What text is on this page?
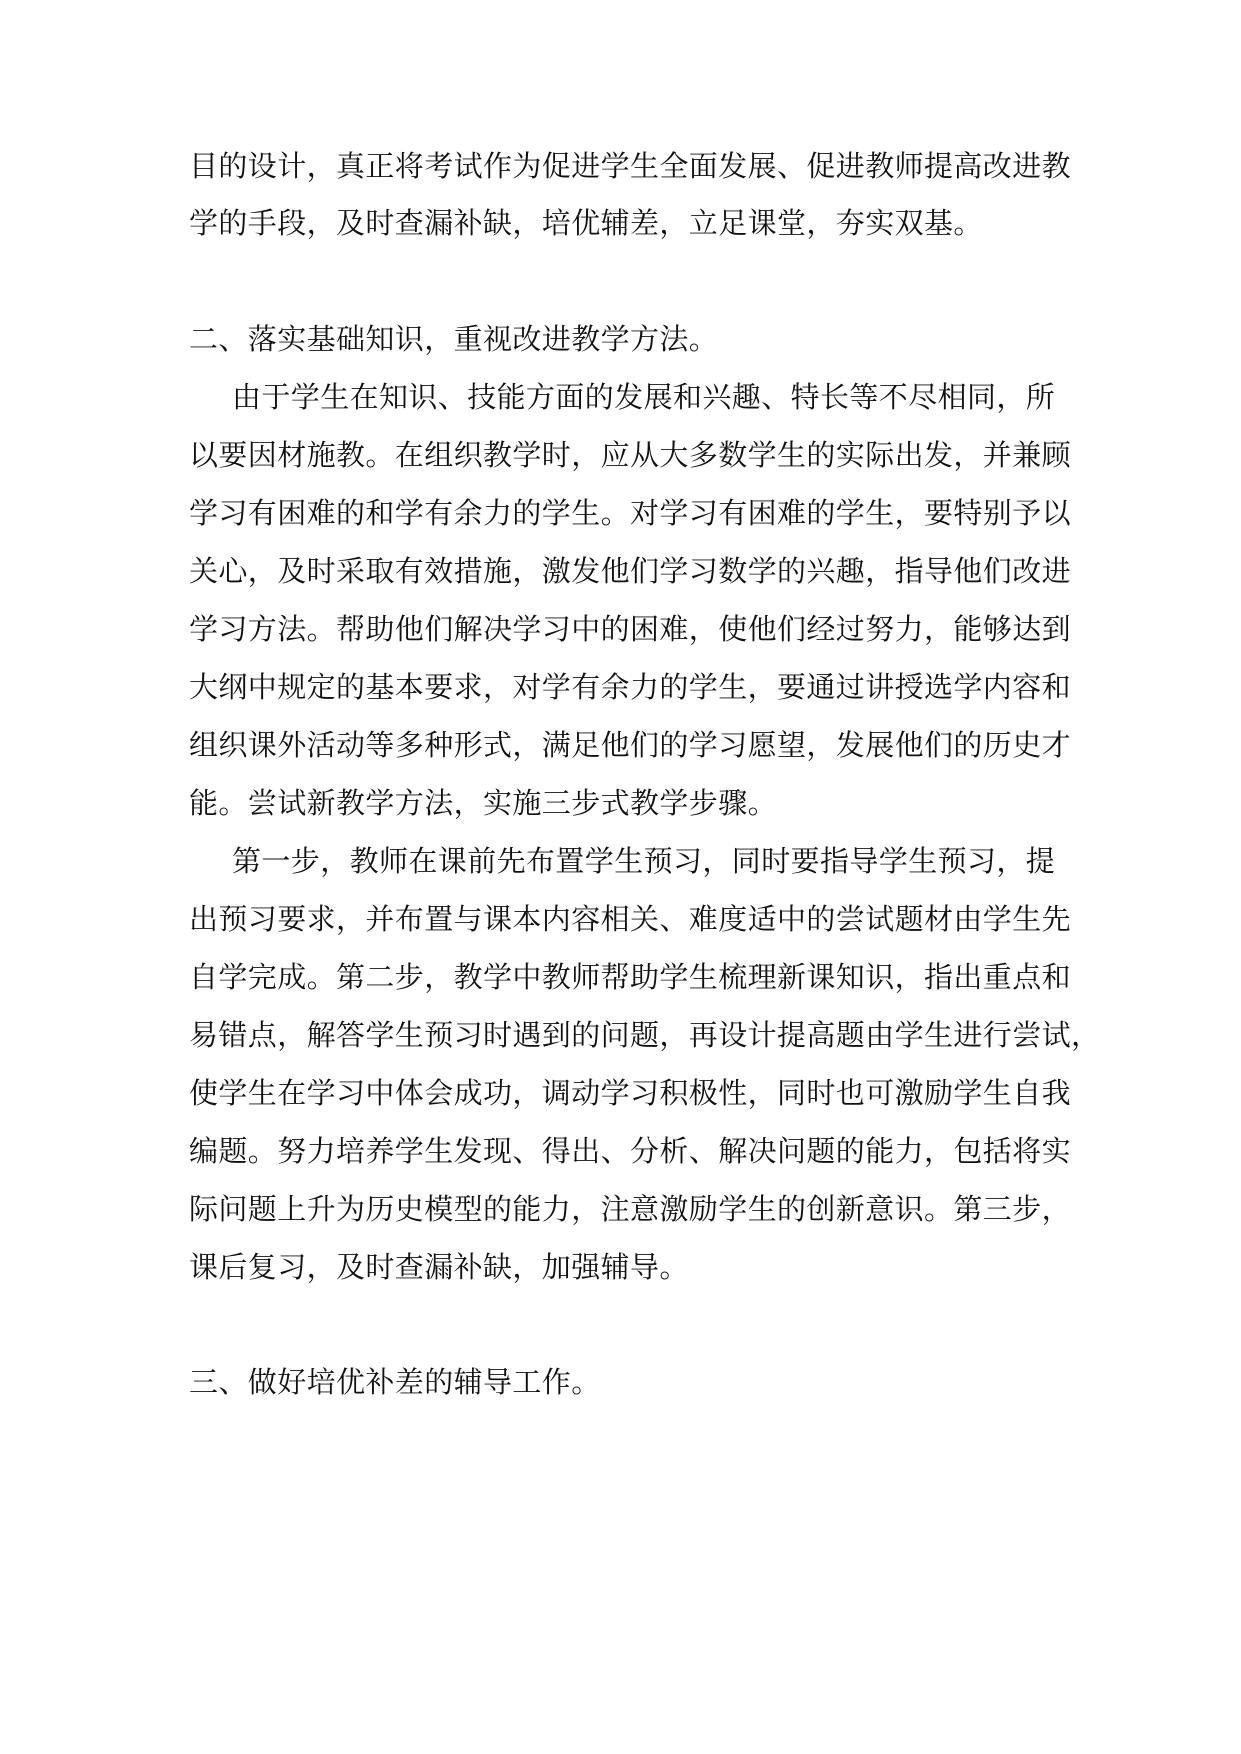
目的设计，真正将考试作为促进学生全面发展、促进教师提高改进教
学的手段，及时查漏补缺，培优辅差，立足课堂，夯实双基。
二、落实基础知识，重视改进教学方法。
由于学生在知识、技能方面的发展和兴趣、特长等不尽相同，所
以要因材施教。在组织教学时，应从大多数学生的实际出发，并兼顾
学习有困难的和学有余力的学生。对学习有困难的学生，要特别予以
关心，及时采取有效措施，激发他们学习数学的兴趣，指导他们改进
学习方法。帮助他们解决学习中的困难，使他们经过努力，能够达到
大纲中规定的基本要求，对学有余力的学生，要通过讲授选学内容和
组织课外活动等多种形式，满足他们的学习愿望，发展他们的历史才
能。尝试新教学方法，实施三步式教学步骤。
第一步，教师在课前先布置学生预习，同时要指导学生预习，提
出预习要求，并布置与课本内容相关、难度适中的尝试题材由学生先
自学完成。第二步，教学中教师帮助学生梳理新课知识，指出重点和
易错点，解答学生预习时遇到的问题，再设计提高题由学生进行尝试，
使学生在学习中体会成功，调动学习积极性，同时也可激励学生自我
编题。努力培养学生发现、得出、分析、解决问题的能力，包括将实
际问题上升为历史模型的能力，注意激励学生的创新意识。第三步，
课后复习，及时查漏补缺，加强辅导。
三、做好培优补差的辅导工作。
